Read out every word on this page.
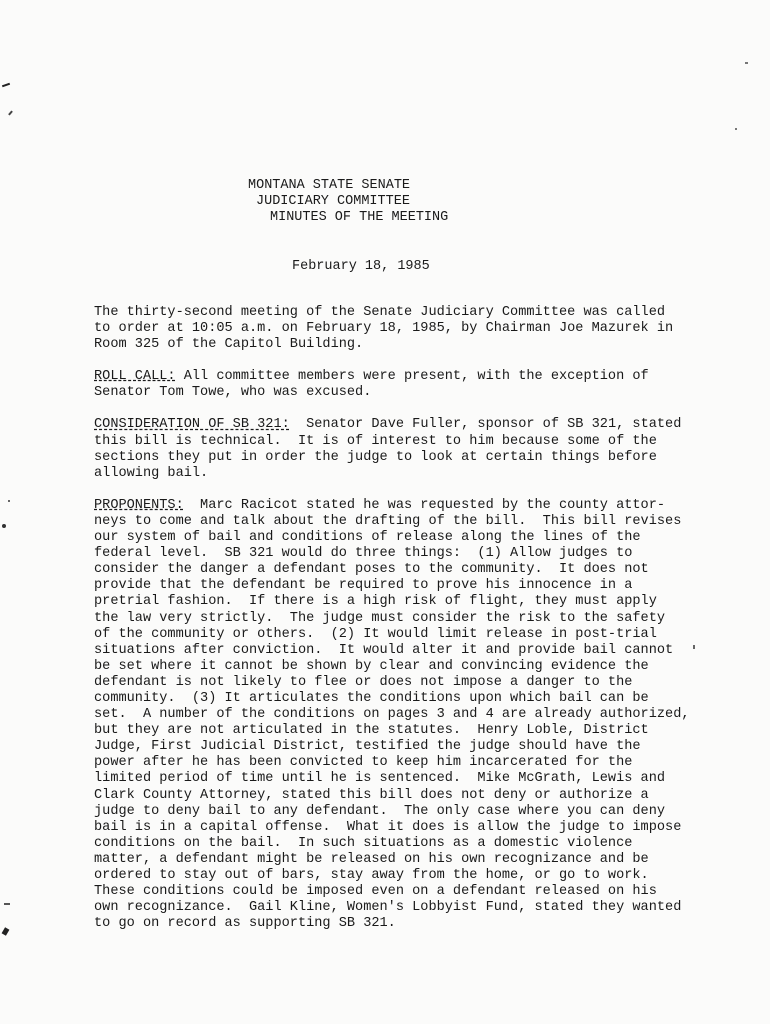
MONTANA STATE SENATE
JUDICIARY COMMITTEE
MINUTES OF THE MEETING
February 18, 1985
The thirty-second meeting of the Senate Judiciary Committee was called
to order at 10:05 a.m. on February 18, 1985, by Chairman Joe Mazurek in
Room 325 of the Capitol Building.
ROLL CALL: All committee members were present, with the exception of
Senator Tom Towe, who was excused.
CONSIDERATION OF SB 321:  Senator Dave Fuller, sponsor of SB 321, stated
this bill is technical.  It is of interest to him because some of the
sections they put in order the judge to look at certain things before
allowing bail.
PROPONENTS:  Marc Racicot stated he was requested by the county attor-
neys to come and talk about the drafting of the bill.  This bill revises
our system of bail and conditions of release along the lines of the
federal level.  SB 321 would do three things:  (1) Allow judges to
consider the danger a defendant poses to the community.  It does not
provide that the defendant be required to prove his innocence in a
pretrial fashion.  If there is a high risk of flight, they must apply
the law very strictly.  The judge must consider the risk to the safety
of the community or others.  (2) It would limit release in post-trial
situations after conviction.  It would alter it and provide bail cannot
be set where it cannot be shown by clear and convincing evidence the
defendant is not likely to flee or does not impose a danger to the
community.  (3) It articulates the conditions upon which bail can be
set.  A number of the conditions on pages 3 and 4 are already authorized,
but they are not articulated in the statutes.  Henry Loble, District
Judge, First Judicial District, testified the judge should have the
power after he has been convicted to keep him incarcerated for the
limited period of time until he is sentenced.  Mike McGrath, Lewis and
Clark County Attorney, stated this bill does not deny or authorize a
judge to deny bail to any defendant.  The only case where you can deny
bail is in a capital offense.  What it does is allow the judge to impose
conditions on the bail.  In such situations as a domestic violence
matter, a defendant might be released on his own recognizance and be
ordered to stay out of bars, stay away from the home, or go to work.
These conditions could be imposed even on a defendant released on his
own recognizance.  Gail Kline, Women's Lobbyist Fund, stated they wanted
to go on record as supporting SB 321.
